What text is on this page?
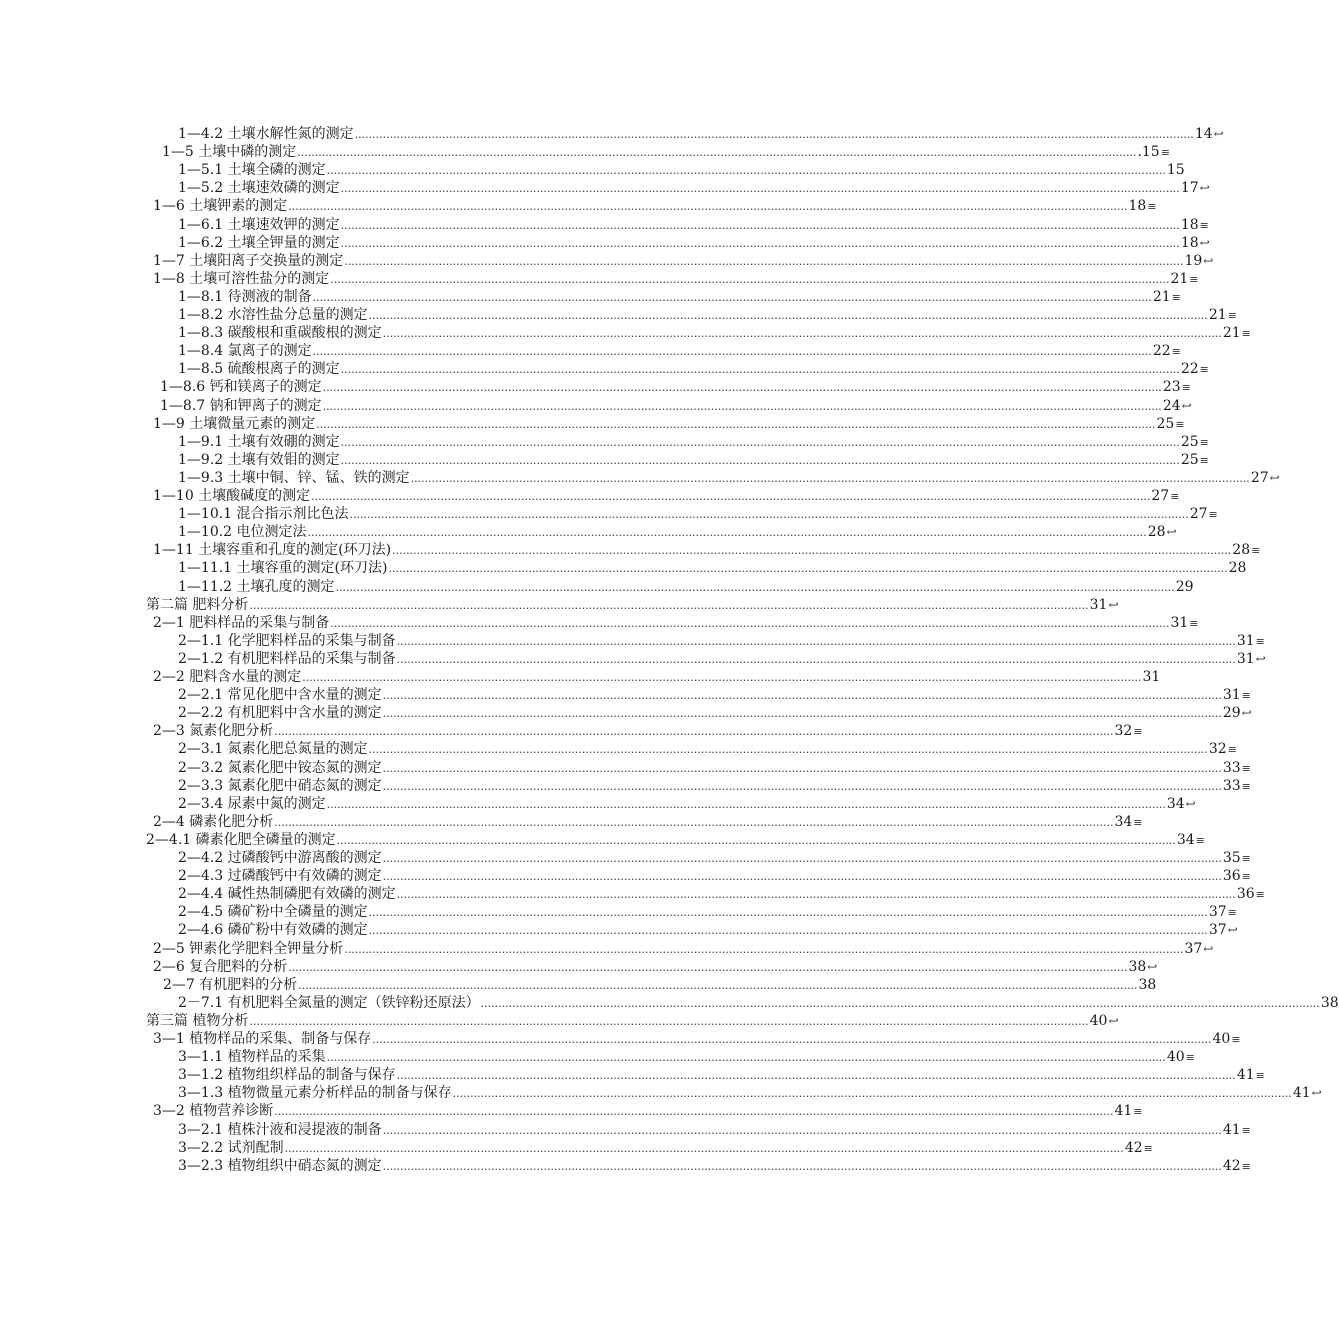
1—4.2 土壤水解性氮的测定 ................................................................................................................................................................................................................................................ 14 ↩
1—5 土壤中磷的测定 ................................................................................................................................................................................................................................................ .15 ≡
1—5.1 土壤全磷的测定 ................................................................................................................................................................................................................................................ 15
1—5.2 土壤速效磷的测定 ................................................................................................................................................................................................................................................ 17 ↩
1—6 土壤钾素的测定 ................................................................................................................................................................................................................................................ 18 ≡
1—6.1 土壤速效钾的测定 ................................................................................................................................................................................................................................................ 18 ≡
1—6.2 土壤全钾量的测定 ................................................................................................................................................................................................................................................ 18 ↩
1—7 土壤阳离子交换量的测定 ................................................................................................................................................................................................................................................ 19 ↩
1—8 土壤可溶性盐分的测定 ................................................................................................................................................................................................................................................ 21 ≡
1—8.1 待测液的制备 ................................................................................................................................................................................................................................................ 21 ≡
1—8.2 水溶性盐分总量的测定 ................................................................................................................................................................................................................................................ 21 ≡
1—8.3 碳酸根和重碳酸根的测定 ................................................................................................................................................................................................................................................ 21 ≡
1—8.4 氯离子的测定 ................................................................................................................................................................................................................................................ 22 ≡
1—8.5 硫酸根离子的测定 ................................................................................................................................................................................................................................................ 22 ≡
1—8.6 钙和镁离子的测定 ................................................................................................................................................................................................................................................ 23 ≡
1—8.7 钠和钾离子的测定 ................................................................................................................................................................................................................................................ 24 ↩
1—9 土壤微量元素的测定 ................................................................................................................................................................................................................................................ 25 ≡
1—9.1 土壤有效硼的测定 ................................................................................................................................................................................................................................................ 25 ≡
1—9.2 土壤有效钼的测定 ................................................................................................................................................................................................................................................ 25 ≡
1—9.3 土壤中铜、锌、锰、铁的测定 ................................................................................................................................................................................................................................................ 27 ↩
1—10 土壤酸碱度的测定 ................................................................................................................................................................................................................................................ 27 ≡
1—10.1 混合指示剂比色法 ................................................................................................................................................................................................................................................ 27 ≡
1—10.2 电位测定法 ................................................................................................................................................................................................................................................ 28 ↩
1—11 土壤容重和孔度的测定(环刀法) ................................................................................................................................................................................................................................................ 28 ≡
1—11.1 土壤容重的测定(环刀法) ................................................................................................................................................................................................................................................ 28
1—11.2 土壤孔度的测定 ................................................................................................................................................................................................................................................ 29
第二篇 肥料分析 ................................................................................................................................................................................................................................................ 31 ↩
2—1 肥料样品的采集与制备 ................................................................................................................................................................................................................................................ 31 ≡
2—1.1 化学肥料样品的采集与制备 ................................................................................................................................................................................................................................................ 31 ≡
2—1.2 有机肥料样品的采集与制备 ................................................................................................................................................................................................................................................ 31 ↩
2—2 肥料含水量的测定 ................................................................................................................................................................................................................................................ 31
2—2.1 常见化肥中含水量的测定 ................................................................................................................................................................................................................................................ 31 ≡
2—2.2 有机肥料中含水量的测定 ................................................................................................................................................................................................................................................ 29 ↩
2—3 氮素化肥分析 ................................................................................................................................................................................................................................................ 32 ≡
2—3.1 氮素化肥总氮量的测定 ................................................................................................................................................................................................................................................ 32 ≡
2—3.2 氮素化肥中铵态氮的测定 ................................................................................................................................................................................................................................................ 33 ≡
2—3.3 氮素化肥中硝态氮的测定 ................................................................................................................................................................................................................................................ 33 ≡
2—3.4 尿素中氮的测定 ................................................................................................................................................................................................................................................ 34 ↩
2—4 磷素化肥分析 ................................................................................................................................................................................................................................................ 34 ≡
2—4.1 磷素化肥全磷量的测定 ................................................................................................................................................................................................................................................ 34 ≡
2—4.2 过磷酸钙中游离酸的测定 ................................................................................................................................................................................................................................................ 35 ≡
2—4.3 过磷酸钙中有效磷的测定 ................................................................................................................................................................................................................................................ 36 ≡
2—4.4 碱性热制磷肥有效磷的测定 ................................................................................................................................................................................................................................................ 36 ≡
2—4.5 磷矿粉中全磷量的测定 ................................................................................................................................................................................................................................................ 37 ≡
2—4.6 磷矿粉中有效磷的测定 ................................................................................................................................................................................................................................................ 37 ↩
2—5 钾素化学肥料全钾量分析 ................................................................................................................................................................................................................................................ 37 ↩
2—6 复合肥料的分析 ................................................................................................................................................................................................................................................ 38 ↩
2—7 有机肥料的分析 ................................................................................................................................................................................................................................................ 38
2－7.1 有机肥料全氮量的测定（铁锌粉还原法） ................................................................................................................................................................................................................................................ 38
第三篇 植物分析 ................................................................................................................................................................................................................................................ 40 ↩
3—1 植物样品的采集、制备与保存 ................................................................................................................................................................................................................................................ 40 ≡
3—1.1 植物样品的采集 ................................................................................................................................................................................................................................................ 40 ≡
3—1.2 植物组织样品的制备与保存 ................................................................................................................................................................................................................................................ 41 ≡
3—1.3 植物微量元素分析样品的制备与保存 ................................................................................................................................................................................................................................................ 41 ↩
3—2 植物营养诊断 ................................................................................................................................................................................................................................................ 41 ≡
3—2.1 植株汁液和浸提液的制备 ................................................................................................................................................................................................................................................ 41 ≡
3—2.2 试剂配制 ................................................................................................................................................................................................................................................ 42 ≡
3—2.3 植物组织中硝态氮的测定 ................................................................................................................................................................................................................................................ 42 ≡
